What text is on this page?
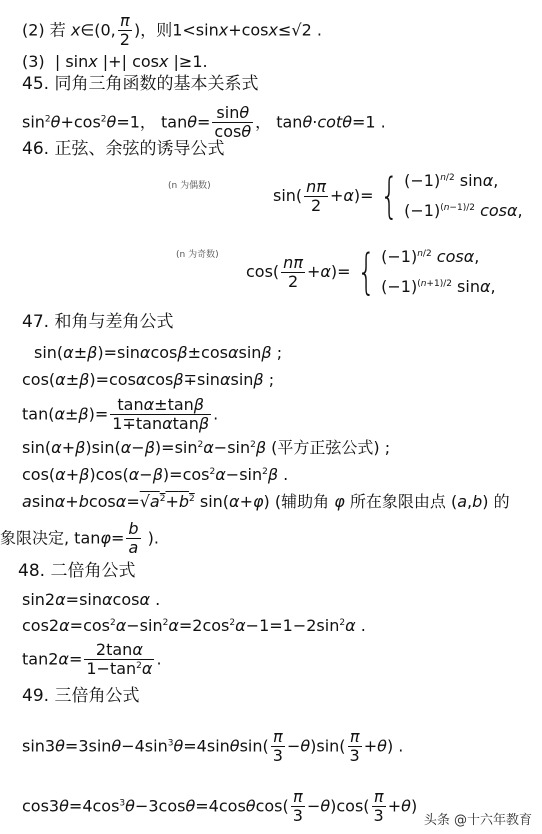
(2) 若 x∈(0, $\frac{\pi}{2}$ )，则1<sinx+cosx≤√2 .
(3)  | sinx |+| cosx |≥1.
45. 同角三角函数的基本关系式
$\sin^2\theta+\cos^2\theta=1$， $\tan\theta= \frac{\sin\theta}{\cos\theta}$ ， tanθ·cotθ=1 .
46. 正弦、余弦的诱导公式
(n 为偶数)	$\sin( \frac{n\pi}{2} +\alpha)=$ { $(-1)^{n/2}$ sinα,
$(-1)^{(n-1)/2}$ cosα,
(n 为奇数)
$\cos( \frac{n\pi}{2} +\alpha)=$ { $(-1)^{n/2}$ cosα,
$(-1)^{(n+1)/2}$ sinα,
47. 和角与差角公式
sin(α±β)=sinαcosβ±cosαsinβ ;
cos(α±β)=cosαcosβ∓sinαsinβ ;
$\tan(\alpha\pm\beta)= \frac{\tan\alpha\pm\tan\beta}{1\mp\tan\alpha\tan\beta}$ .
$\sin(\alpha+\beta)\sin(\alpha-\beta)=\sin^2\alpha-\sin^2\beta$ (平方正弦公式) ;
$\cos(\alpha+\beta)\cos(\alpha-\beta)=\cos^2\alpha-\sin^2\beta$ .
$asin\alpha+bcos\alpha=√a^2+b^2$ sin(α+φ) (辅助角 φ 所在象限由点 (a,b) 的
象限决定, $\tan\varphi= \frac{b}{a}$ ).
48. 二倍角公式
sin2α=sinαcosα .
$\cos 2\alpha=\cos^2\alpha-\sin^2\alpha=2\cos^2\alpha-1=1-2\sin^2\alpha$ .
$\tan 2\alpha= \frac{2\tan\alpha}{1-\tan^2\alpha}$ .
49. 三倍角公式
$\sin 3\theta=3\sin\theta-4\sin^3\theta=4\sin\theta\sin( \frac{\pi}{3} -\theta)\sin( \frac{\pi}{3} +\theta)$ .
$\cos 3\theta=4\cos^3\theta-3\cos\theta=4\cos\theta\cos( \frac{\pi}{3} -\theta)\cos( \frac{\pi}{3} +\theta)$
头条 @十六年教育
